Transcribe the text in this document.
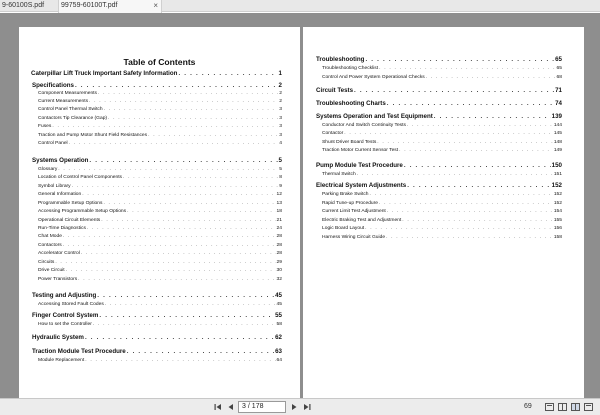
9-60100S.pdf	99759-60100T.pdf	×
Table of Contents
Caterpillar Lift Truck Important Safety Information . . .	1
Specifications . . .	2
Component Measurements . . .	2
Current Measurements . . .	2
Control Panel Thermal Switch . . .	3
Contactors Tip Clearance (Gap) . . .	3
Fuses . . .	3
Traction and Pump Motor Shunt Field Resistances . . .	3
Control Panel . . .	4
Systems Operation . . .	5
Glossary . . .	5
Location of Control Panel Components . . .	8
Symbol Library . . .	9
General Information . . .	12
Programmable Setup Options . . .	13
Accessing Programmable Setup Options . . .	18
Operational Circuit Elements . . .	21
Run-Time Diagnostics . . .	24
Chat Mode . . .	28
Contactors . . .	28
Accelerator Control . . .	28
Circuits . . .	29
Drive Circuit . . .	30
Power Transistors . . .	32
Testing and Adjusting . . .	45
Accessing Stored Fault Codes . . .	45
Finger Control System . . .	55
How to set the Controller . . .	58
Hydraulic System . . .	62
Traction Module Test Procedure . . .	63
Module Replacement . . .	64
Troubleshooting . . .	65
Troubleshooting Checklist . . .	65
Control And Power System Operational Checks . . .	68
Circuit Tests . . .	71
Troubleshooting Charts . . .	74
Systems Operation and Test Equipment . . .	139
Conductor And Switch Continuity Tests . . .	144
Contactor . . .	145
Shunt Driver Board Tests . . .	148
Traction Motor Current Sensor Test . . .	149
Pump Module Test Procedure . . .	150
Thermal Switch . . .	151
Electrical System Adjustments . . .	152
Parking Brake Switch . . .	152
Rapid Tune-up Procedure . . .	152
Current Limit Test Adjustment . . .	154
Electric Braking Test and Adjustment . . .	155
Logic Board Layout . . .	156
Harness Wiring Circuit Guide . . .	158
3 / 178	69
